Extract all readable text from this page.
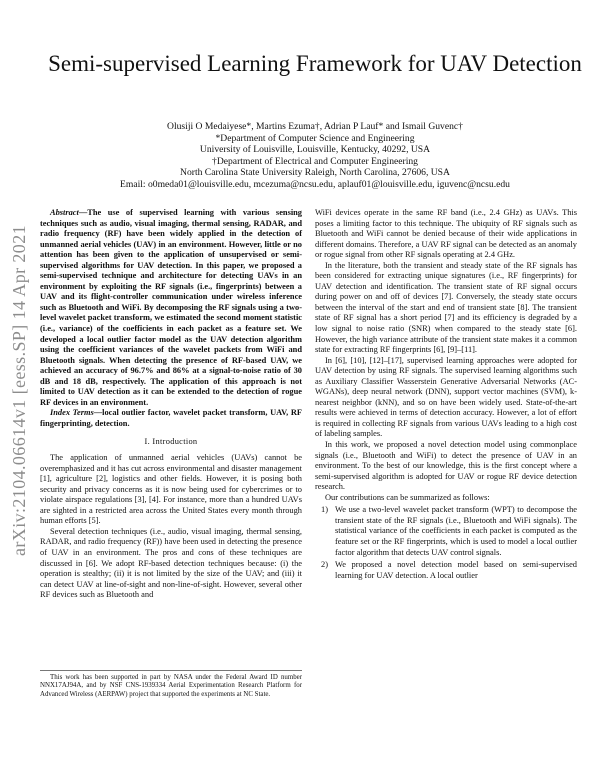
arXiv:2104.06614v1 [eess.SP] 14 Apr 2021
Semi-supervised Learning Framework for UAV Detection
Olusiji O Medaiyese*, Martins Ezuma†, Adrian P Lauf* and Ismail Guvenc†
*Department of Computer Science and Engineering
University of Louisville, Louisville, Kentucky, 40292, USA
†Department of Electrical and Computer Engineering
North Carolina State University Raleigh, North Carolina, 27606, USA
Email: o0meda01@louisville.edu, mcezuma@ncsu.edu, aplauf01@louisville.edu, iguvenc@ncsu.edu

Abstract—The use of supervised learning with various sensing techniques such as audio, visual imaging, thermal sensing, RADAR, and radio frequency (RF) have been widely applied in the detection of unmanned aerial vehicles (UAV) in an environment. However, little or no attention has been given to the application of unsupervised or semi-supervised algorithms for UAV detection. In this paper, we proposed a semi-supervised technique and architecture for detecting UAVs in an environment by exploiting the RF signals (i.e., fingerprints) between a UAV and its flight-controller communication under wireless inference such as Bluetooth and WiFi. By decomposing the RF signals using a two-level wavelet packet transform, we estimated the second moment statistic (i.e., variance) of the coefficients in each packet as a feature set. We developed a local outlier factor model as the UAV detection algorithm using the coefficient variances of the wavelet packets from WiFi and Bluetooth signals. When detecting the presence of RF-based UAV, we achieved an accuracy of 96.7% and 86% at a signal-to-noise ratio of 30 dB and 18 dB, respectively. The application of this approach is not limited to UAV detection as it can be extended to the detection of rogue RF devices in an environment.

Index Terms—local outlier factor, wavelet packet transform, UAV, RF fingerprinting, detection.

I. Introduction

The application of unmanned aerial vehicles (UAVs) cannot be overemphasized and it has cut across environmental and disaster management [1], agriculture [2], logistics and other fields. However, it is posing both security and privacy concerns as it is now being used for cybercrimes or to violate airspace regulations [3], [4]. For instance, more than a hundred UAVs are sighted in a restricted area across the United States every month through human efforts [5].

Several detection techniques (i.e., audio, visual imaging, thermal sensing, RADAR, and radio frequency (RF)) have been used in detecting the presence of UAV in an environment. The pros and cons of these techniques are discussed in [6]. We adopt RF-based detection techniques because: (i) the operation is stealthy; (ii) it is not limited by the size of the UAV; and (iii) it can detect UAV at line-of-sight and non-line-of-sight. However, several other RF devices such as Bluetooth and

This work has been supported in part by NASA under the Federal Award ID number NNX17AJ94A, and by NSF CNS-1939334 Aerial Experimentation Research Platform for Advanced Wireless (AERPAW) project that supported the experiments at NC State.

WiFi devices operate in the same RF band (i.e., 2.4 GHz) as UAVs. This poses a limiting factor to this technique. The ubiquity of RF signals such as Bluetooth and WiFi cannot be denied because of their wide applications in different domains. Therefore, a UAV RF signal can be detected as an anomaly or rogue signal from other RF signals operating at 2.4 GHz.

In the literature, both the transient and steady state of the RF signals has been considered for extracting unique signatures (i.e., RF fingerprints) for UAV detection and identification. The transient state of RF signal occurs during power on and off of devices [7]. Conversely, the steady state occurs between the interval of the start and end of transient state [8]. The transient state of RF signal has a short period [7] and its efficiency is degraded by a low signal to noise ratio (SNR) when compared to the steady state [6]. However, the high variance attribute of the transient state makes it a common state for extracting RF fingerprints [6], [9]–[11].

In [6], [10], [12]–[17], supervised learning approaches were adopted for UAV detection by using RF signals. The supervised learning algorithms such as Auxiliary Classifier Wasserstein Generative Adversarial Networks (AC-WGANs), deep neural network (DNN), support vector machines (SVM), k-nearest neighbor (kNN), and so on have been widely used. State-of-the-art results were achieved in terms of detection accuracy. However, a lot of effort is required in collecting RF signals from various UAVs leading to a high cost of labeling samples.

In this work, we proposed a novel detection model using commonplace signals (i.e., Bluetooth and WiFi) to detect the presence of UAV in an environment. To the best of our knowledge, this is the first concept where a semi-supervised algorithm is adopted for UAV or rogue RF device detection research.

Our contributions can be summarized as follows:

1) We use a two-level wavelet packet transform (WPT) to decompose the transient state of the RF signals (i.e., Bluetooth and WiFi signals). The statistical variance of the coefficients in each packet is computed as the feature set or the RF fingerprints, which is used to model a local outlier factor algorithm that detects UAV control signals.
2) We proposed a novel detection model based on semi-supervised learning for UAV detection. A local outlier
